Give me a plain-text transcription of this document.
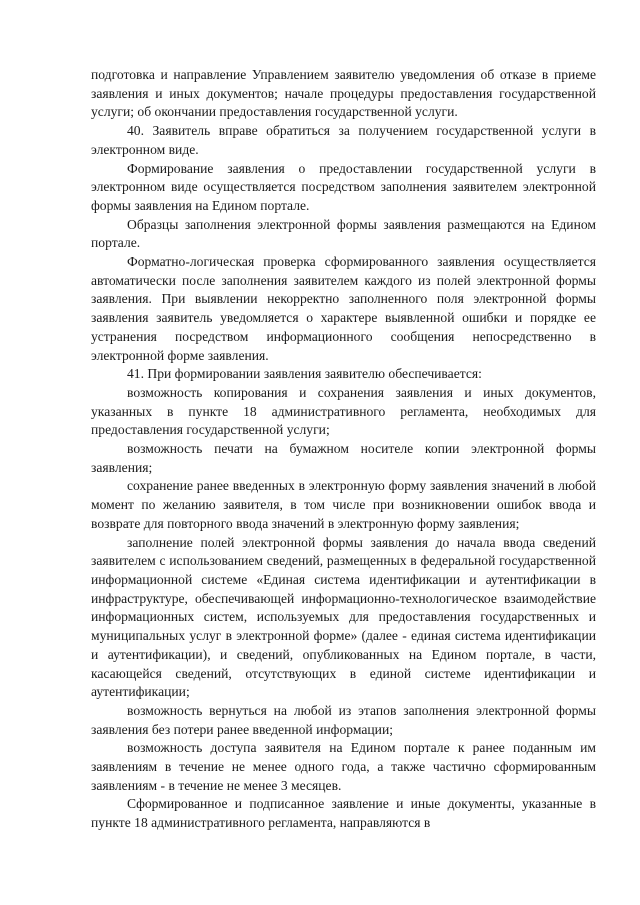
подготовка и направление Управлением заявителю уведомления об отказе в приеме заявления и иных документов; начале процедуры предоставления государственной услуги; об окончании предоставления государственной услуги.

40. Заявитель вправе обратиться за получением государственной услуги в электронном виде.

Формирование заявления о предоставлении государственной услуги в электронном виде осуществляется посредством заполнения заявителем электронной формы заявления на Едином портале.

Образцы заполнения электронной формы заявления размещаются на Едином портале.

Форматно-логическая проверка сформированного заявления осуществляется автоматически после заполнения заявителем каждого из полей электронной формы заявления. При выявлении некорректно заполненного поля электронной формы заявления заявитель уведомляется о характере выявленной ошибки и порядке ее устранения посредством информационного сообщения непосредственно в электронной форме заявления.

41. При формировании заявления заявителю обеспечивается:

возможность копирования и сохранения заявления и иных документов, указанных в пункте 18 административного регламента, необходимых для предоставления государственной услуги;

возможность печати на бумажном носителе копии электронной формы заявления;

сохранение ранее введенных в электронную форму заявления значений в любой момент по желанию заявителя, в том числе при возникновении ошибок ввода и возврате для повторного ввода значений в электронную форму заявления;

заполнение полей электронной формы заявления до начала ввода сведений заявителем с использованием сведений, размещенных в федеральной государственной информационной системе «Единая система идентификации и аутентификации в инфраструктуре, обеспечивающей информационно-технологическое взаимодействие информационных систем, используемых для предоставления государственных и муниципальных услуг в электронной форме» (далее - единая система идентификации и аутентификации), и сведений, опубликованных на Едином портале, в части, касающейся сведений, отсутствующих в единой системе идентификации и аутентификации;

возможность вернуться на любой из этапов заполнения электронной формы заявления без потери ранее введенной информации;

возможность доступа заявителя на Едином портале к ранее поданным им заявлениям в течение не менее одного года, а также частично сформированным заявлениям - в течение не менее 3 месяцев.

Сформированное и подписанное заявление и иные документы, указанные в пункте 18 административного регламента, направляются в
